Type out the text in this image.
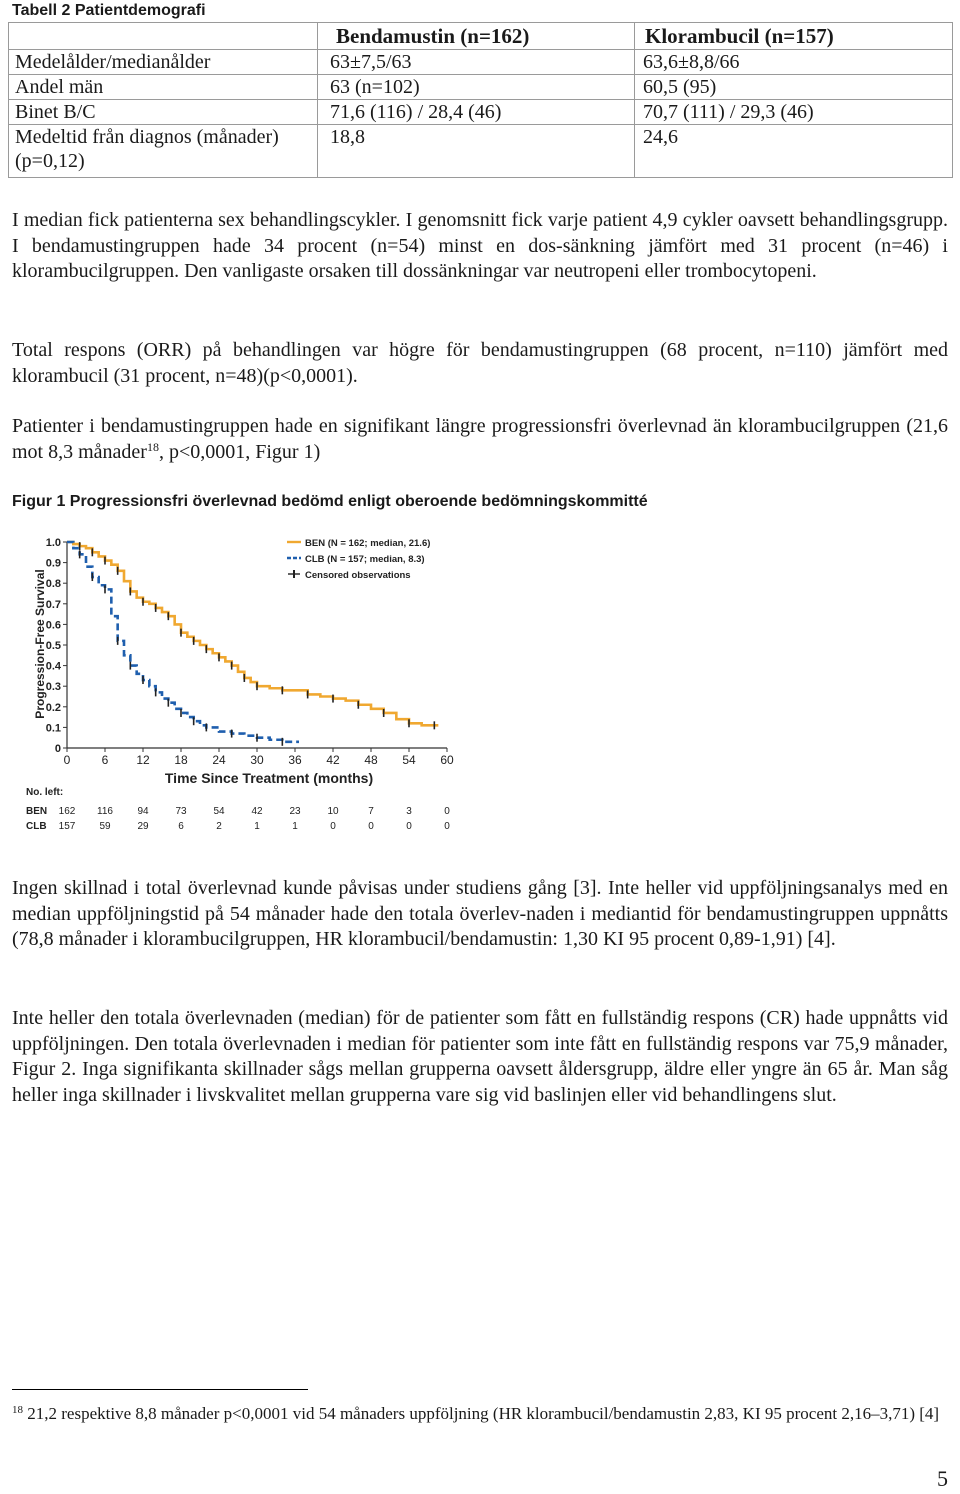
Tabell 2 Patientdemografi
	Bendamustin (n=162)	Klorambucil (n=157)
Medelålder/medianålder	63±7,5/63	63,6±8,8/66
Andel män	63 (n=102)	60,5 (95)
Binet B/C	71,6 (116) / 28,4 (46)	70,7 (111) / 29,3 (46)
Medeltid från diagnos (månader) (p=0,12)	18,8	24,6

I median fick patienterna sex behandlingscykler. I genomsnitt fick varje patient 4,9 cykler oavsett behandlingsgrupp. I bendamustingruppen hade 34 procent (n=54) minst en dos-sänkning jämfört med 31 procent (n=46) i klorambucilgruppen. Den vanligaste orsaken till dossänkningar var neutropeni eller trombocytopeni.

Total respons (ORR) på behandlingen var högre för bendamustingruppen (68 procent, n=110) jämfört med klorambucil (31 procent, n=48)(p<0,0001).

Patienter i bendamustingruppen hade en signifikant längre progressionsfri överlevnad än klorambucilgruppen (21,6 mot 8,3 månader$^{18}$, p<0,0001, Figur 1)

Figur 1 Progressionsfri överlevnad bedömd enligt oberoende bedömningskommitté
0
0.1
0.2
0.3
0.4
0.5
0.6
0.7
0.8
0.9
1.0
0	6 12 18 24 30 36 42 48 54 60
BEN (N = 162; median, 21.6)
CLB (N = 157; median, 8.3)
Censored observations
Progression-Free Survival
Time Since Treatment (months)
No. left:
BEN
CLB
162 116 94	73	54	42	23	10	7	3	0
157 59	29	6	2	1	1	0	0	0	0

Ingen skillnad i total överlevnad kunde påvisas under studiens gång [3]. Inte heller vid uppföljningsanalys med en median uppföljningstid på 54 månader hade den totala överlev-naden i mediantid för bendamustingruppen uppnåtts (78,8 månader i klorambucilgruppen, HR klorambucil/bendamustin: 1,30 KI 95 procent 0,89-1,91) [4].

Inte heller den totala överlevnaden (median) för de patienter som fått en fullständig respons (CR) hade uppnåtts vid uppföljningen. Den totala överlevnaden i median för patienter som inte fått en fullständig respons var 75,9 månader, Figur 2. Inga signifikanta skillnader sågs mellan grupperna oavsett åldersgrupp, äldre eller yngre än 65 år. Man såg heller inga skillnader i livskvalitet mellan grupperna vare sig vid baslinjen eller vid behandlingens slut.

$^{18}$ 21,2 respektive 8,8 månader p<0,0001 vid 54 månaders uppföljning (HR klorambucil/bendamustin 2,83, KI 95 procent 2,16–3,71) [4]

5
